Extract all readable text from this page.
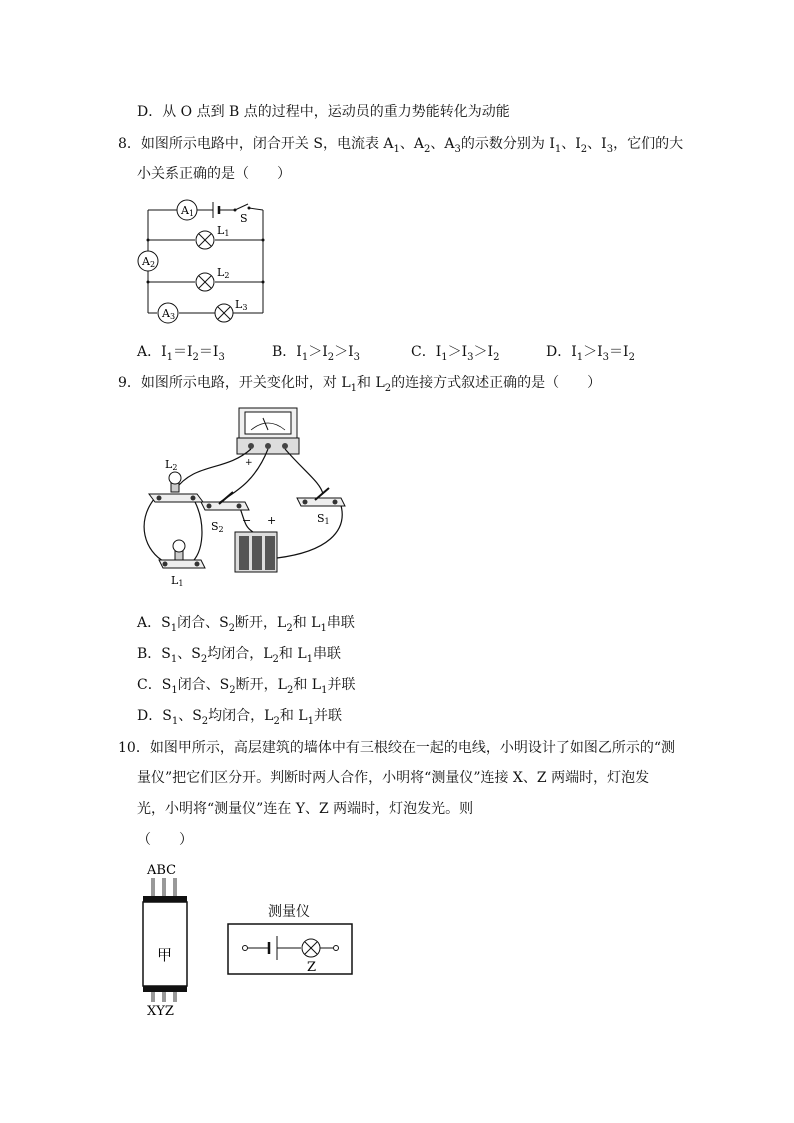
D．从 O 点到 B 点的过程中，运动员的重力势能转化为动能
8．如图所示电路中，闭合开关 S，电流表 $A_1$、$A_2$、$A_3$的示数分别为 $I_1$、$I_2$、$I_3$，它们的大
小关系正确的是（　　）
A1	S
A2
L1
L2
A3
L3
A．$I_1=I_2=I_3$	B．$I_1>I_2>I_3$	C．$I_1>I_3>I_2$	D．$I_1>I_3=I_2$
9．如图所示电路，开关变化时，对 $L_1$和 $L_2$的连接方式叙述正确的是（　　）
+
L2
S2
S1
− +
L1
A．$S_1$闭合、$S_2$断开，$L_2$和 $L_1$串联
B．$S_1$、$S_2$均闭合，$L_2$和 $L_1$串联
C．$S_1$闭合、$S_2$断开，$L_2$和 $L_1$并联
D．$S_1$、$S_2$均闭合，$L_2$和 $L_1$并联
10．如图甲所示，高层建筑的墙体中有三根绞在一起的电线，小明设计了如图乙所示的“测
量仪”把它们区分开。判断时两人合作，小明将“测量仪”连接 X、Z 两端时，灯泡发
光，小明将“测量仪”连在 Y、Z 两端时，灯泡发光。则
（　　）
ABC
甲
XYZ
测量仪
Z
